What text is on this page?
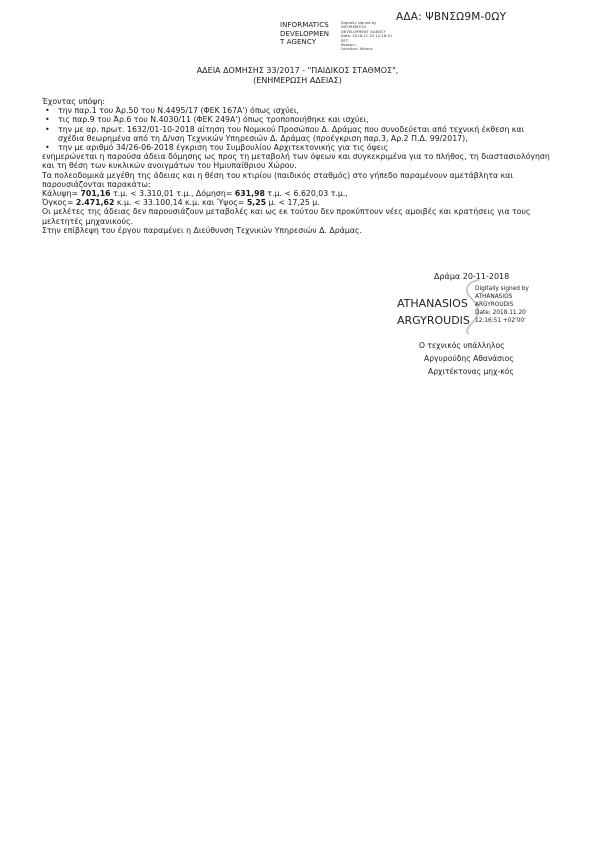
ΑΔΑ: ΨΒΝΣΩ9Μ-0ΩΥ
INFORMATICS
DEVELOPMEN
T AGENCY
Digitally signed by
INFORMATICS
DEVELOPMENT AGENCY
Date: 2018.11.20 12:16:51
EET
Reason:
Location: Athens
ΑΔΕΙΑ ΔΟΜΗΣΗΣ 33/2017 - "ΠΑΙΔΙΚΟΣ ΣΤΑΘΜΟΣ",
(ΕΝΗΜΕΡΩΣΗ ΑΔΕΙΑΣ)

Έχοντας υπόψη:

• την παρ.1 του Άρ.50 του Ν.4495/17 (ΦΕΚ 167Α') όπως ισχύει,
• τις παρ.9 του Άρ.6 του Ν.4030/11 (ΦΕΚ 249Α') όπως τροποποιήθηκε και ισχύει,
• την με αρ. πρωτ. 1632/01-10-2018 αίτηση του Νομικού Προσώπου Δ. Δράμας που συνοδεύεται από τεχνική έκθεση και σχέδια θεωρημένα από τη Δ/νση Τεχνικών Υπηρεσιών Δ. Δράμας (προέγκριση παρ.3, Αρ.2 Π.Δ. 99/2017),
• την με αριθμό 34/26-06-2018 έγκριση του Συμβουλίου Αρχιτεκτονικής για τις όψεις

ενημερώνεται η παρούσα άδεια δόμησης ως προς τη μεταβολή των όψεων και συγκεκριμένα για το πλήθος, τη διαστασιολόγηση και τη θέση των κυκλικών ανοιγμάτων του Ημιυπαίθριου Χώρου.

Τα πολεοδομικά μεγέθη της άδειας και η θέση του κτιρίου (παιδικός σταθμός) στο γήπεδο παραμένουν αμετάβλητα και παρουσιάζονται παρακάτω:

Κάλυψη= 701,16 τ.μ. < 3.310,01 τ.μ., Δόμηση= 631,98 τ.μ. < 6.620,03 τ.μ.,

Όγκος= 2.471,62 κ.μ. < 33.100,14 κ.μ. και Ύψος= 5,25 μ. < 17,25 μ.

Οι μελέτες της άδειας δεν παρουσιάζουν μεταβολές και ως εκ τούτου δεν προκύπτουν νέες αμοιβές και κρατήσεις για τους μελετητές μηχανικούς.

Στην επίβλεψη του έργου παραμένει η Διεύθυνση Τεχνικών Υπηρεσιών Δ. Δράμας.

Δράμα 20-11-2018
ATHANASIOS
ARGYROUDIS
Digitally signed by
ATHANASIOS
ARGYROUDIS
Date: 2018.11.20
12:16:51 +02'00'
Ο τεχνικός υπάλληλος
Αργυρούδης Αθανάσιος
Αρχιτέκτονας μηχ-κός
